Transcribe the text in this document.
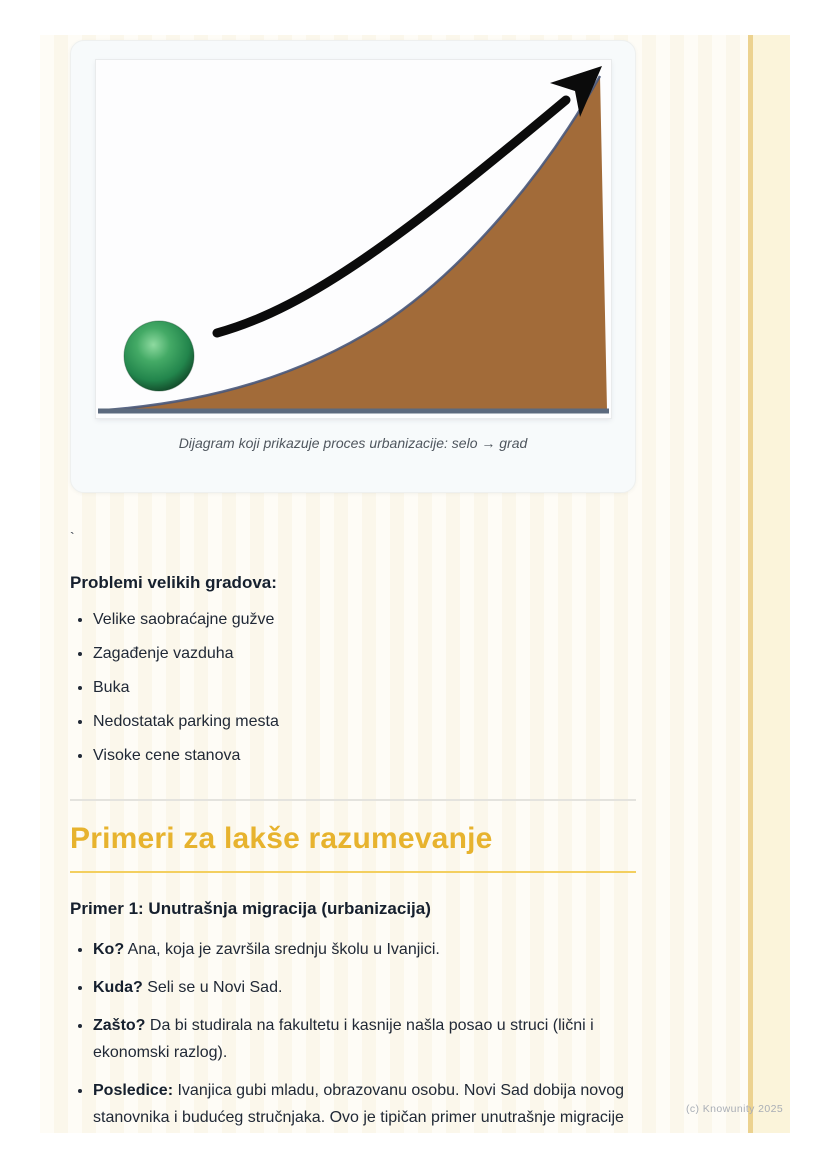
Dijagram koji prikazuje proces urbanizacije: selo → grad
`
Problemi velikih gradova:
• Velike saobraćajne gužve
• Zagađenje vazduha
• Buka
• Nedostatak parking mesta
• Visoke cene stanova
Primeri za lakše razumevanje
Primer 1: Unutrašnja migracija (urbanizacija)
• Ko? Ana, koja je završila srednju školu u Ivanjici.
• Kuda? Seli se u Novi Sad.
• Zašto? Da bi studirala na fakultetu i kasnije našla posao u struci (lični i ekonomski razlog).
• Posledice: Ivanjica gubi mladu, obrazovanu osobu. Novi Sad dobija novog stanovnika i budućeg stručnjaka. Ovo je tipičan primer unutrašnje migracije	(c) Knowunity 2025
